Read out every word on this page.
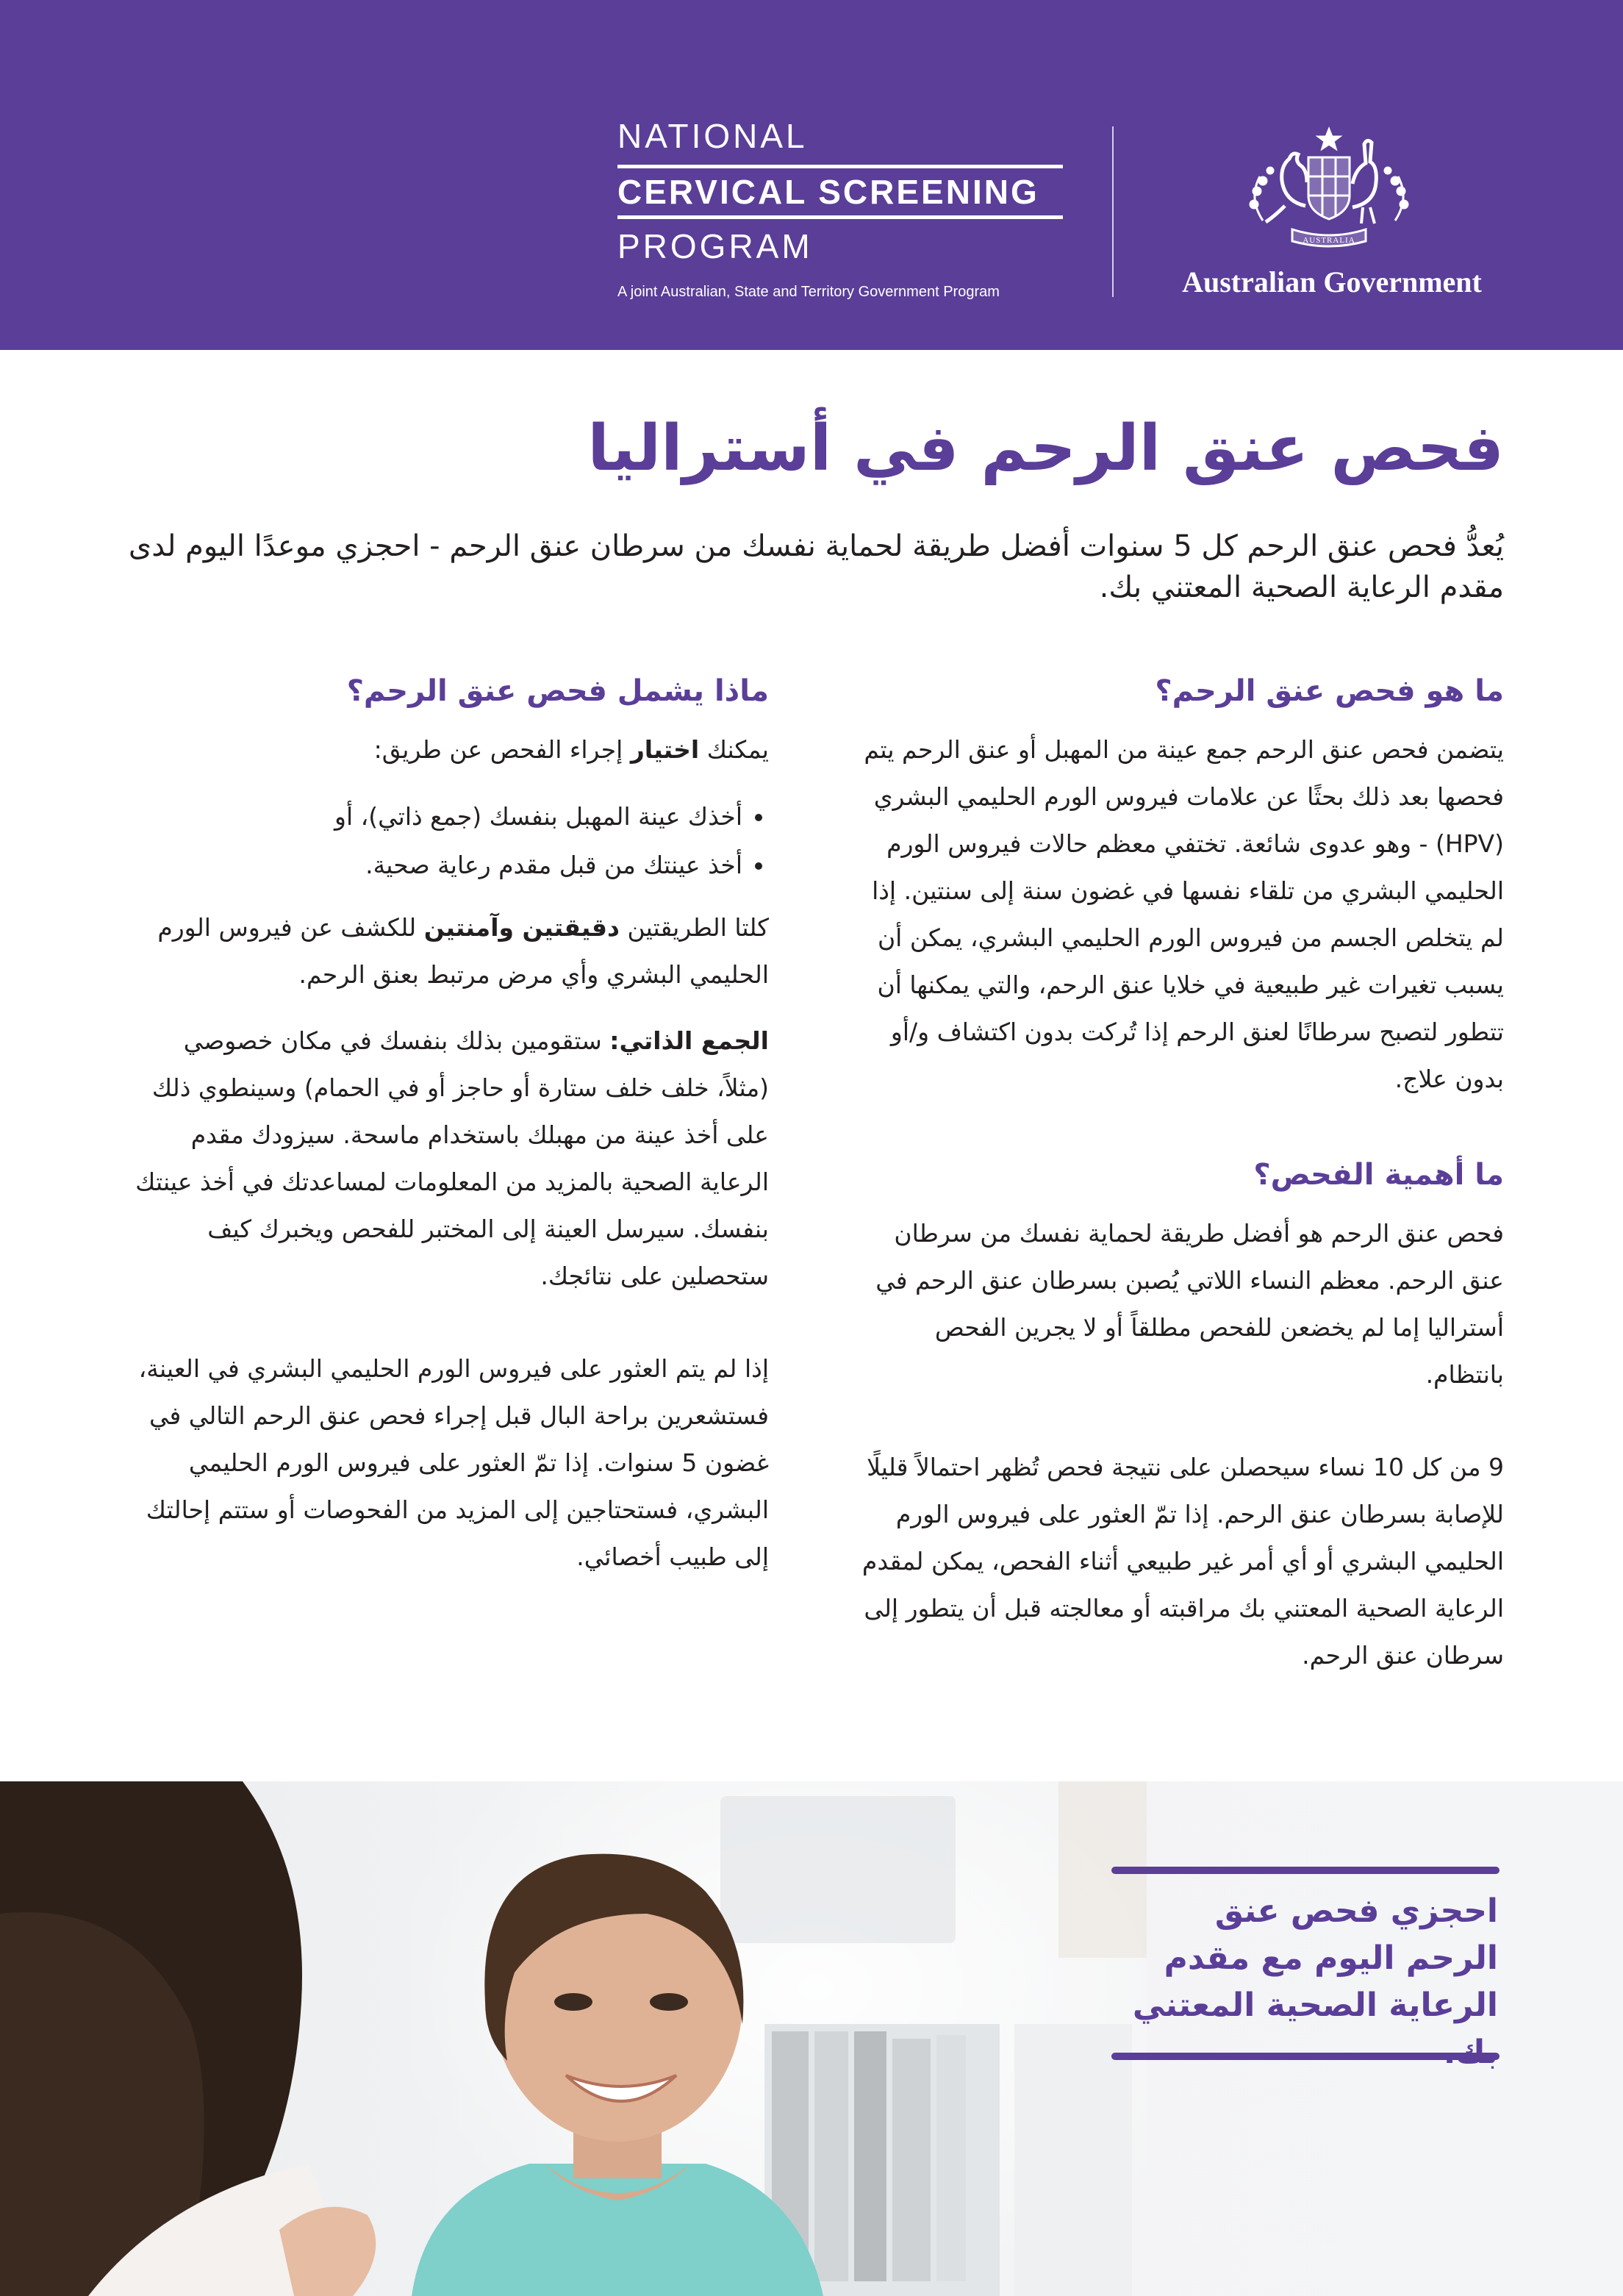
NATIONAL
CERVICAL SCREENING
PROGRAM
A joint Australian, State and Territory Government Program
AUSTRALIA
Australian Government
فحص عنق الرحم في أستراليا

يُعدُّ فحص عنق الرحم كل 5 سنوات أفضل طريقة لحماية نفسك من سرطان عنق الرحم - احجزي موعدًا اليوم لدى مقدم الرعاية الصحية المعتني بك.

ما هو فحص عنق الرحم؟

يتضمن فحص عنق الرحم جمع عينة من المهبل أو عنق الرحم يتم فحصها بعد ذلك بحثًا عن علامات فيروس الورم الحليمي البشري (HPV) - وهو عدوى شائعة. تختفي معظم حالات فيروس الورم الحليمي البشري من تلقاء نفسها في غضون سنة إلى سنتين. إذا لم يتخلص الجسم من فيروس الورم الحليمي البشري، يمكن أن يسبب تغيرات غير طبيعية في خلايا عنق الرحم، والتي يمكنها أن تتطور لتصبح سرطانًا لعنق الرحم إذا تُركت بدون اكتشاف و/أو بدون علاج.

ما أهمية الفحص؟

فحص عنق الرحم هو أفضل طريقة لحماية نفسك من سرطان عنق الرحم. معظم النساء اللاتي يُصبن بسرطان عنق الرحم في أستراليا إما لم يخضعن للفحص مطلقاً أو لا يجرين الفحص بانتظام.

9 من كل 10 نساء سيحصلن على نتيجة فحص تُظهر احتمالاً قليلًا للإصابة بسرطان عنق الرحم. إذا تمّ العثور على فيروس الورم الحليمي البشري أو أي أمر غير طبيعي أثناء الفحص، يمكن لمقدم الرعاية الصحية المعتني بك مراقبته أو معالجته قبل أن يتطور إلى سرطان عنق الرحم.

ماذا يشمل فحص عنق الرحم؟

يمكنك اختيار إجراء الفحص عن طريق:

• أخذك عينة المهبل بنفسك (جمع ذاتي)، أو
• أخذ عينتك من قبل مقدم رعاية صحية.

كلتا الطريقتين دقيقتين وآمنتين للكشف عن فيروس الورم الحليمي البشري وأي مرض مرتبط بعنق الرحم.

الجمع الذاتي: ستقومين بذلك بنفسك في مكان خصوصي (مثلاً، خلف خلف ستارة أو حاجز أو في الحمام) وسينطوي ذلك على أخذ عينة من مهبلك باستخدام ماسحة. سيزودك مقدم الرعاية الصحية بالمزيد من المعلومات لمساعدتك في أخذ عينتك بنفسك. سيرسل العينة إلى المختبر للفحص ويخبرك كيف ستحصلين على نتائجك.

إذا لم يتم العثور على فيروس الورم الحليمي البشري في العينة، فستشعرين براحة البال قبل إجراء فحص عنق الرحم التالي في غضون 5 سنوات. إذا تمّ العثور على فيروس الورم الحليمي البشري، فستحتاجين إلى المزيد من الفحوصات أو ستتم إحالتك إلى طبيب أخصائي.

احجزي فحص عنق الرحم اليوم مع مقدم الرعاية الصحية المعتني
